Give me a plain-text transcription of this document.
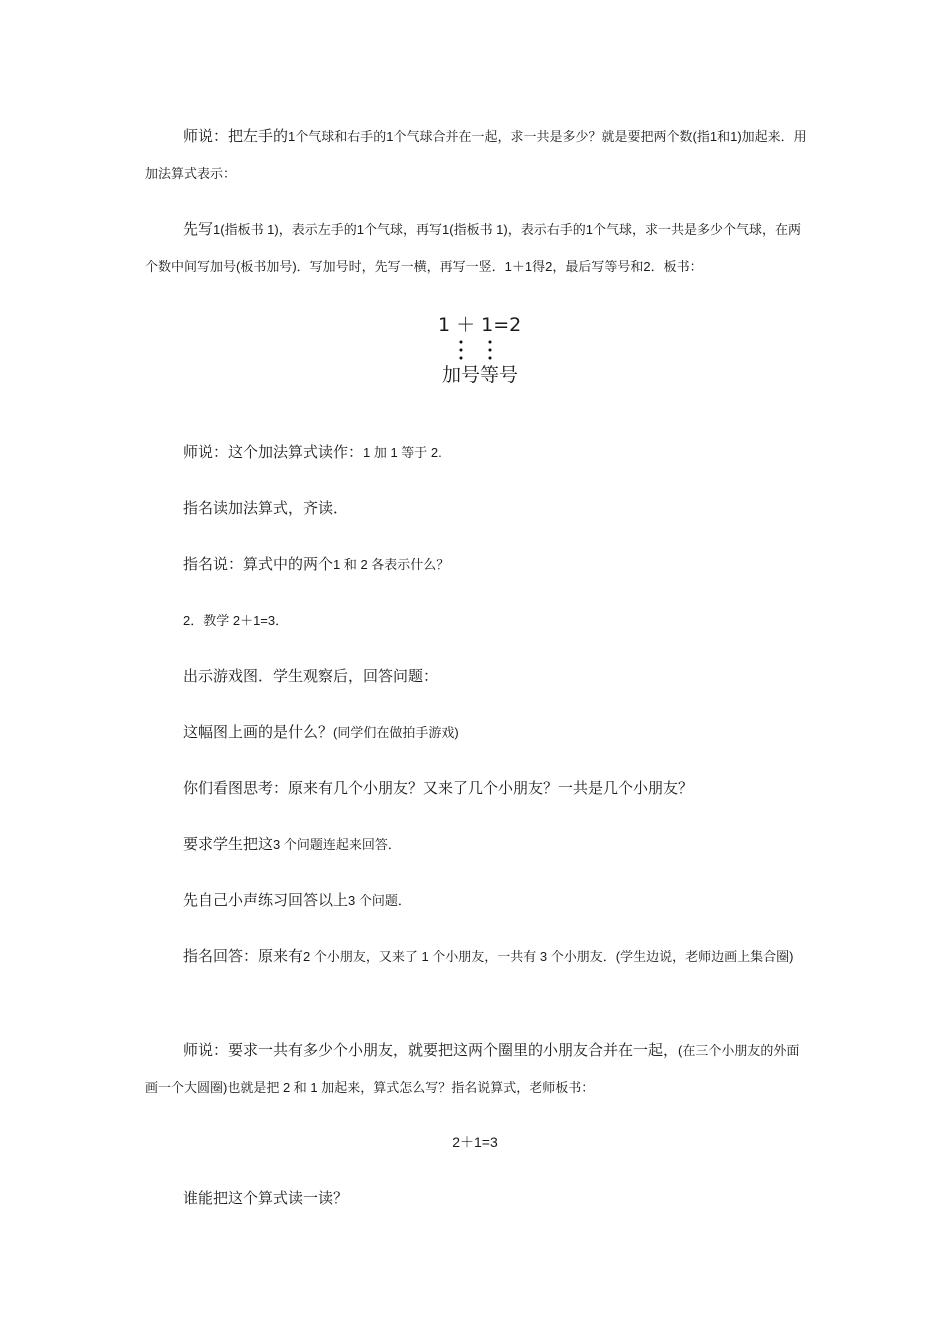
师说：把左手的1个气球和右手的1个气球合并在一起，求一共是多少？就是要把两个数(指1和1)加起来．用加法算式表示：

先写1(指板书 1)，表示左手的1个气球，再写1(指板书 1)，表示右手的1个气球，求一共是多少个气球，在两个数中间写加号(板书加号)．写加号时，先写一横，再写一竖．1＋1得2，最后写等号和2．板书：

1 ＋ 1=2
加号等号

师说：这个加法算式读作：1 加 1 等于 2.

指名读加法算式，齐读．

指名说：算式中的两个1 和 2 各表示什么？

2．教学 2＋1=3．

出示游戏图．学生观察后，回答问题：

这幅图上画的是什么？(同学们在做拍手游戏)

你们看图思考：原来有几个小朋友？又来了几个小朋友？一共是几个小朋友？

要求学生把这3 个问题连起来回答．

先自己小声练习回答以上3 个问题．

指名回答：原来有2 个小朋友，又来了 1 个小朋友，一共有 3 个小朋友．(学生边说，老师边画上集合圈)

师说：要求一共有多少个小朋友，就要把这两个圈里的小朋友合并在一起，(在三个小朋友的外面画一个大圆圈)也就是把 2 和 1 加起来，算式怎么写？指名说算式，老师板书：

2＋1=3

谁能把这个算式读一读？
